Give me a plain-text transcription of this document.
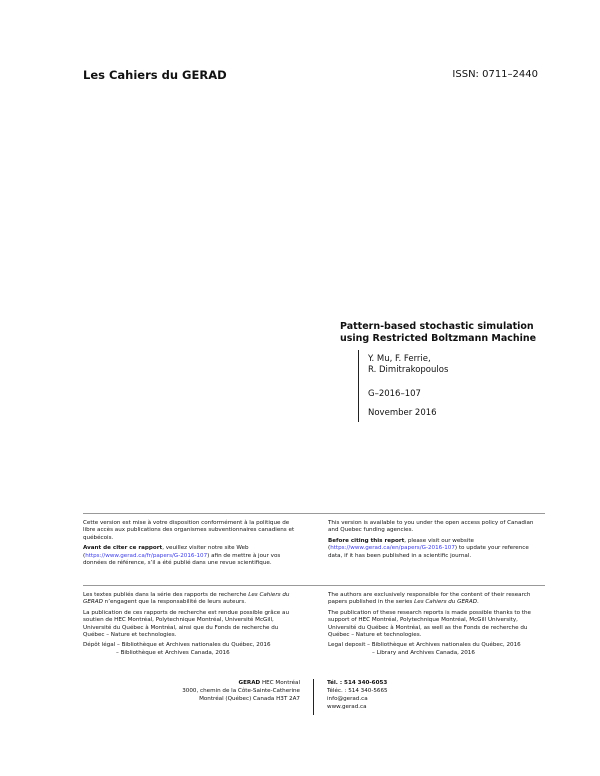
Les Cahiers du GERAD	ISSN: 0711–2440
Pattern-based stochastic simulation
using Restricted Boltzmann Machine
Y. Mu, F. Ferrie,
R. Dimitrakopoulos
G–2016–107
November 2016

Cette version est mise à votre disposition conformément à la politique de libre accès aux publications des organismes subventionnaires canadiens et québécois.

Avant de citer ce rapport, veuillez visiter notre site Web (https://www.gerad.ca/fr/papers/G-2016-107) afin de mettre à jour vos données de référence, s’il a été publié dans une revue scientifique.

This version is available to you under the open access policy of Canadian and Quebec funding agencies.

Before citing this report, please visit our website (https://www.gerad.ca/en/papers/G-2016-107) to update your reference data, if it has been published in a scientific journal.

Les textes publiés dans la série des rapports de recherche Les Cahiers du GERAD n’engagent que la responsabilité de leurs auteurs.

La publication de ces rapports de recherche est rendue possible grâce au soutien de HEC Montréal, Polytechnique Montréal, Université McGill, Université du Québec à Montréal, ainsi que du Fonds de recherche du Québec – Nature et technologies.

Dépôt légal – Bibliothèque et Archives nationales du Québec, 2016
– Bibliothèque et Archives Canada, 2016

The authors are exclusively responsible for the content of their research papers published in the series Les Cahiers du GERAD.

The publication of these research reports is made possible thanks to the support of HEC Montréal, Polytechnique Montréal, McGill University, Université du Québec à Montréal, as well as the Fonds de recherche du Québec – Nature et technologies.

Legal deposit – Bibliothèque et Archives nationales du Québec, 2016
– Library and Archives Canada, 2016
GERAD HEC Montréal
3000, chemin de la Côte-Sainte-Catherine
Montréal (Québec) Canada H3T 2A7
Tél. : 514 340-6053
Téléc. : 514 340-5665
info@gerad.ca
www.gerad.ca
